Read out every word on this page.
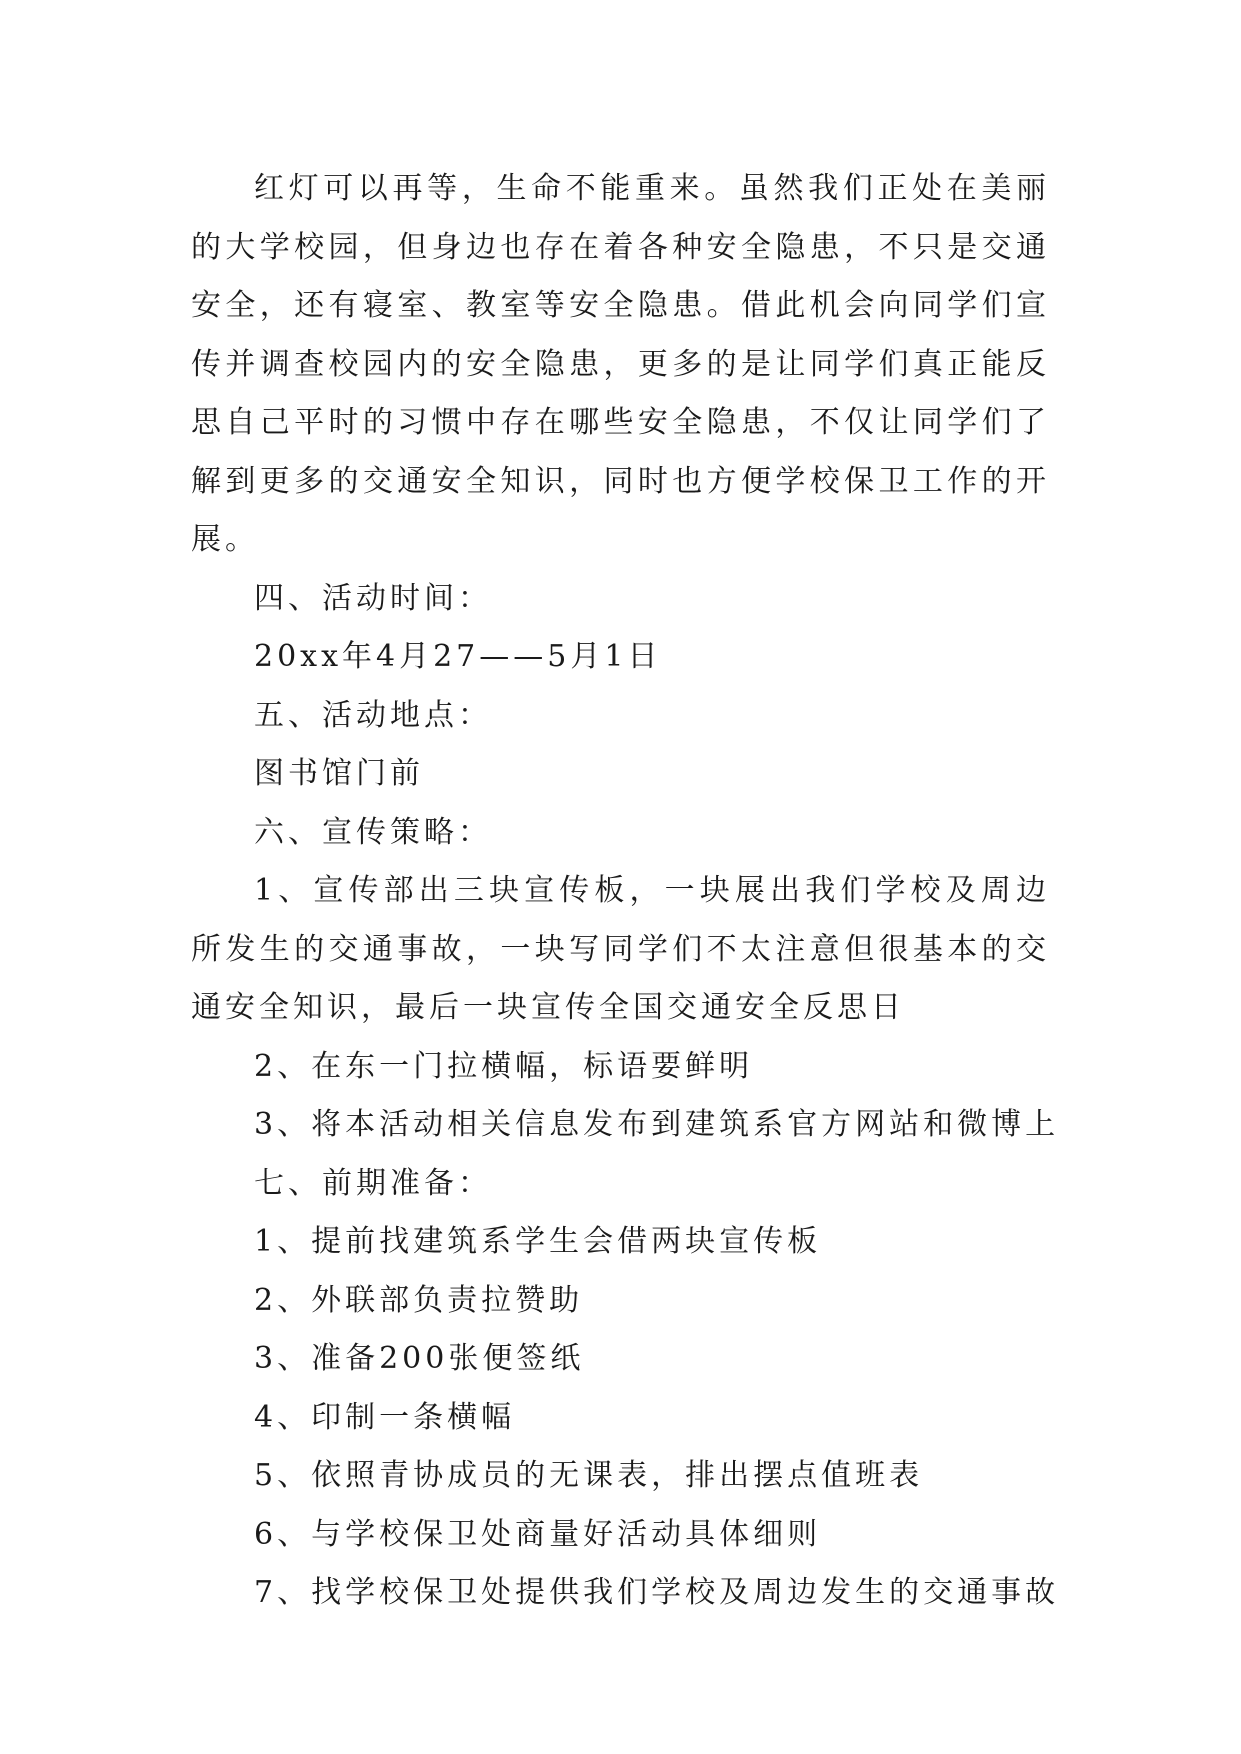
红灯可以再等，生命不能重来。虽然我们正处在美丽的大学校园，但身边也存在着各种安全隐患，不只是交通安全，还有寝室、教室等安全隐患。借此机会向同学们宣传并调查校园内的安全隐患，更多的是让同学们真正能反思自己平时的习惯中存在哪些安全隐患，不仅让同学们了解到更多的交通安全知识，同时也方便学校保卫工作的开展。

四、活动时间：

20xx年4月27——5月1日

五、活动地点：

图书馆门前

六、宣传策略：

1、宣传部出三块宣传板，一块展出我们学校及周边所发生的交通事故，一块写同学们不太注意但很基本的交通安全知识，最后一块宣传全国交通安全反思日

2、在东一门拉横幅，标语要鲜明

3、将本活动相关信息发布到建筑系官方网站和微博上

七、前期准备：

1、提前找建筑系学生会借两块宣传板

2、外联部负责拉赞助

3、准备200张便签纸

4、印制一条横幅

5、依照青协成员的无课表，排出摆点值班表

6、与学校保卫处商量好活动具体细则

7、找学校保卫处提供我们学校及周边发生的交通事故
